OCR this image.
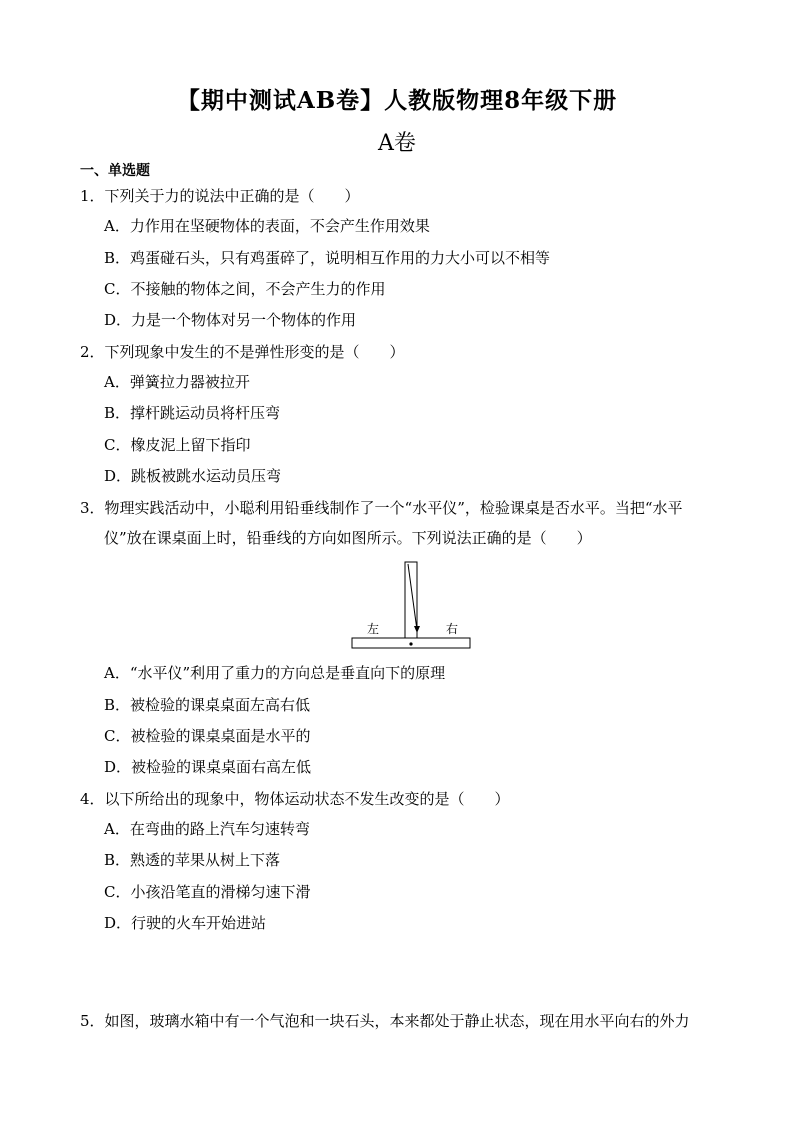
【期中测试AB卷】人教版物理8年级下册
A卷
一、单选题
1．下列关于力的说法中正确的是（　　）
A．力作用在坚硬物体的表面，不会产生作用效果
B．鸡蛋碰石头，只有鸡蛋碎了，说明相互作用的力大小可以不相等
C．不接触的物体之间，不会产生力的作用
D．力是一个物体对另一个物体的作用
2．下列现象中发生的不是弹性形变的是（　　）
A．弹簧拉力器被拉开
B．撑杆跳运动员将杆压弯
C．橡皮泥上留下指印
D．跳板被跳水运动员压弯
3．物理实践活动中，小聪利用铅垂线制作了一个“水平仪”，检验课桌是否水平。当把“水平
仪”放在课桌面上时，铅垂线的方向如图所示。下列说法正确的是（　　）
左	右
A．“水平仪”利用了重力的方向总是垂直向下的原理
B．被检验的课桌桌面左高右低
C．被检验的课桌桌面是水平的
D．被检验的课桌桌面右高左低
4．以下所给出的现象中，物体运动状态不发生改变的是（　　）
A．在弯曲的路上汽车匀速转弯
B．熟透的苹果从树上下落
C．小孩沿笔直的滑梯匀速下滑
D．行驶的火车开始进站
5．如图，玻璃水箱中有一个气泡和一块石头，本来都处于静止状态，现在用水平向右的外力
